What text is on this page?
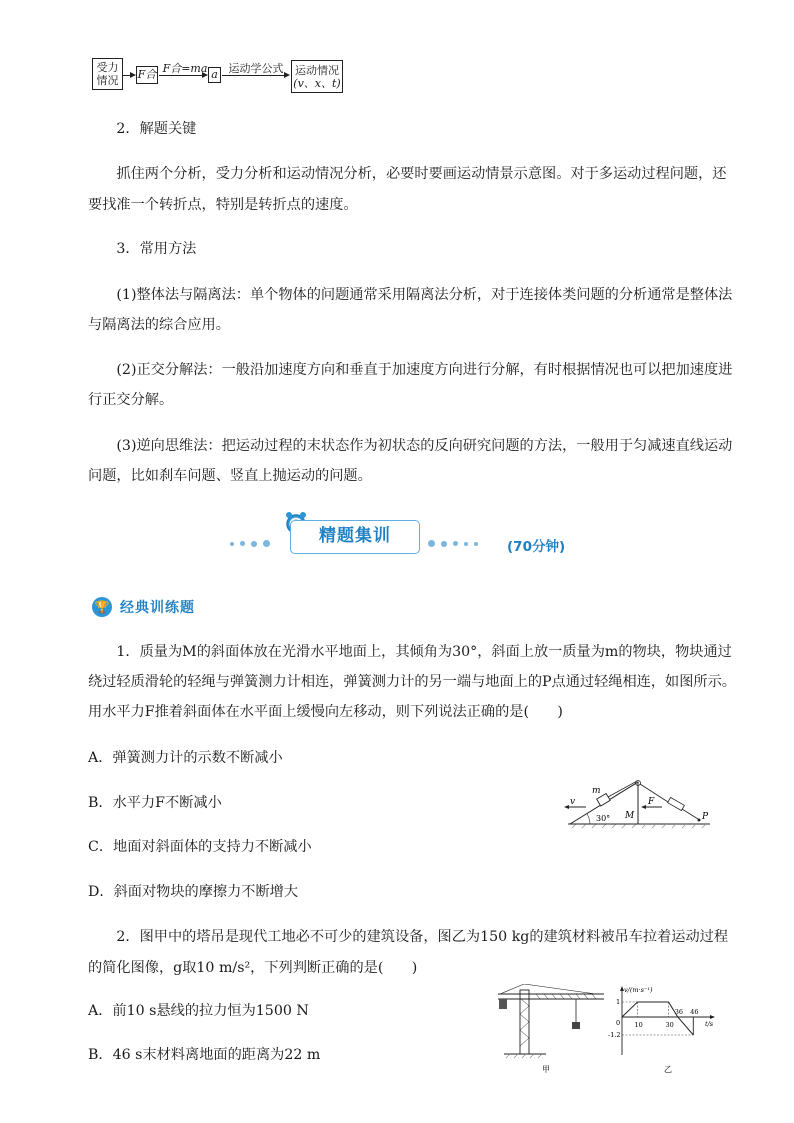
受力情况	F合 F合=ma a 运动学公式	运动情况
(v、x、t)

2．解题关键

抓住两个分析，受力分析和运动情况分析，必要时要画运动情景示意图。对于多运动过程问题，还要找准一个转折点，特别是转折点的速度。

3．常用方法

(1)整体法与隔离法：单个物体的问题通常采用隔离法分析，对于连接体类问题的分析通常是整体法与隔离法的综合应用。

(2)正交分解法：一般沿加速度方向和垂直于加速度方向进行分解，有时根据情况也可以把加速度进行正交分解。

(3)逆向思维法：把运动过程的末状态作为初状态的反向研究问题的方法，一般用于匀减速直线运动问题，比如刹车问题、竖直上抛运动的问题。

精题集训
(70分钟)
🏆 经典训练题

1．质量为M的斜面体放在光滑水平地面上，其倾角为30°，斜面上放一质量为m的物块，物块通过绕过轻质滑轮的轻绳与弹簧测力计相连，弹簧测力计的另一端与地面上的P点通过轻绳相连，如图所示。用水平力F推着斜面体在水平面上缓慢向左移动，则下列说法正确的是(　　)

A．弹簧测力计的示数不断减小
B．水平力F不断减小
C．地面对斜面体的支持力不断减小
D．斜面对物块的摩擦力不断增大
v
m
30° M
F
P

2．图甲中的塔吊是现代工地必不可少的建筑设备，图乙为150 kg的建筑材料被吊车拉着运动过程的简化图像，g取10 m/s²，下列判断正确的是(　　)

A．前10 s悬线的拉力恒为1500 N
B．46 s末材料离地面的距离为22 m
甲
v/(m·s⁻¹)
t/s
0 10	30
36 46
1
-1.2
乙
